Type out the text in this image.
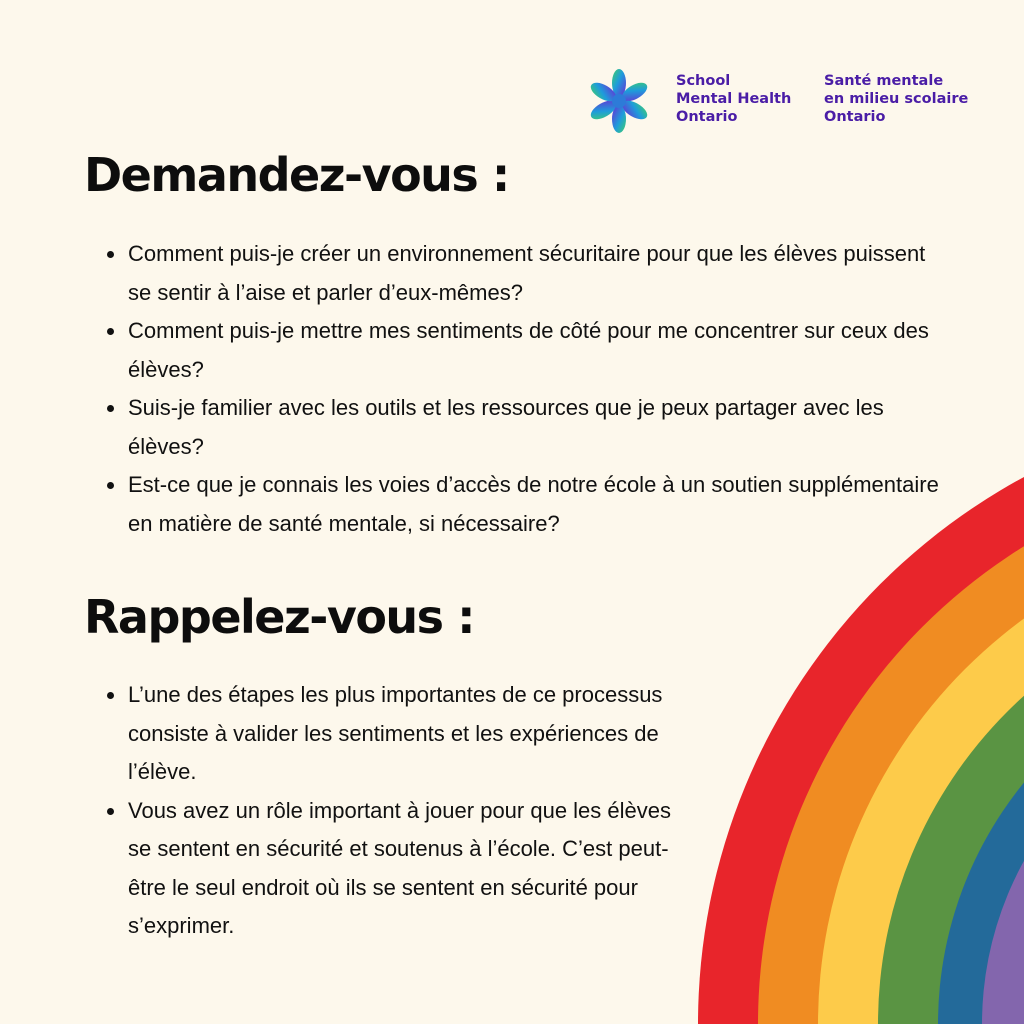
School
Mental Health
Ontario
Santé mentale
en milieu scolaire
Ontario
Demandez-vous :
Comment puis-je créer un environnement sécuritaire pour que les élèves puissent se sentir à l’aise et parler d’eux-mêmes?
Comment puis-je mettre mes sentiments de côté pour me concentrer sur ceux des élèves?
Suis-je familier avec les outils et les ressources que je peux partager avec les élèves?
Est-ce que je connais les voies d’accès de notre école à un soutien supplémentaire en matière de santé mentale, si nécessaire?
Rappelez-vous :
L’une des étapes les plus importantes de ce processus consiste à valider les sentiments et les expériences de l’élève.
Vous avez un rôle important à jouer pour que les élèves se sentent en sécurité et soutenus à l’école. C’est peut-être le seul endroit où ils se sentent en sécurité pour s’exprimer.
